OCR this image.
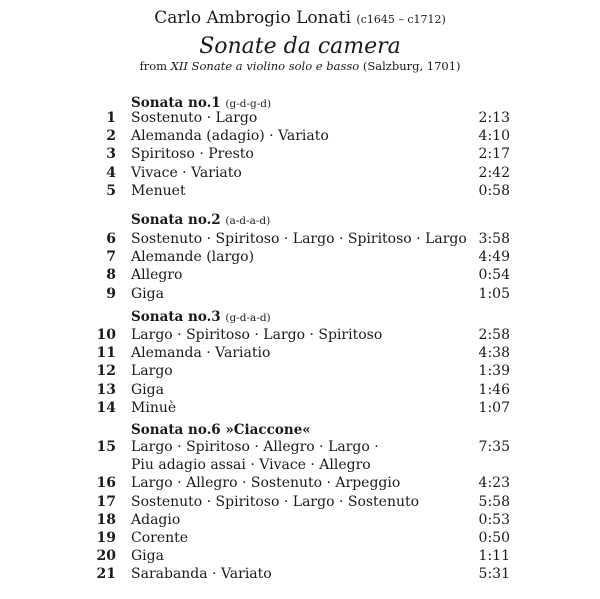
Carlo Ambrogio Lonati (c1645 – c1712)
Sonate da camera
from XII Sonate a violino solo e basso (Salzburg, 1701)
Sonata no.1 (g-d-g-d)
1 Sostenuto · Largo	2:13
2 Alemanda (adagio) · Variato	4:10
3 Spiritoso · Presto	2:17
4 Vivace · Variato	2:42
5 Menuet	0:58
Sonata no.2 (a-d-a-d)
6 Sostenuto · Spiritoso · Largo · Spiritoso · Largo 3:58
7 Alemande (largo)	4:49
8 Allegro	0:54
9 Giga	1:05
Sonata no.3 (g-d-a-d)
10 Largo · Spiritoso · Largo · Spiritoso	2:58
11 Alemanda · Variatio	4:38
12 Largo	1:39
13 Giga	1:46
14 Minuè	1:07
Sonata no.6 »Ciaccone«
15 Largo · Spiritoso · Allegro · Largo ·	7:35
Piu adagio assai · Vivace · Allegro
16 Largo · Allegro · Sostenuto · Arpeggio	4:23
17 Sostenuto · Spiritoso · Largo · Sostenuto	5:58
18 Adagio	0:53
19 Corente	0:50
20 Giga	1:11
21 Sarabanda · Variato	5:31
